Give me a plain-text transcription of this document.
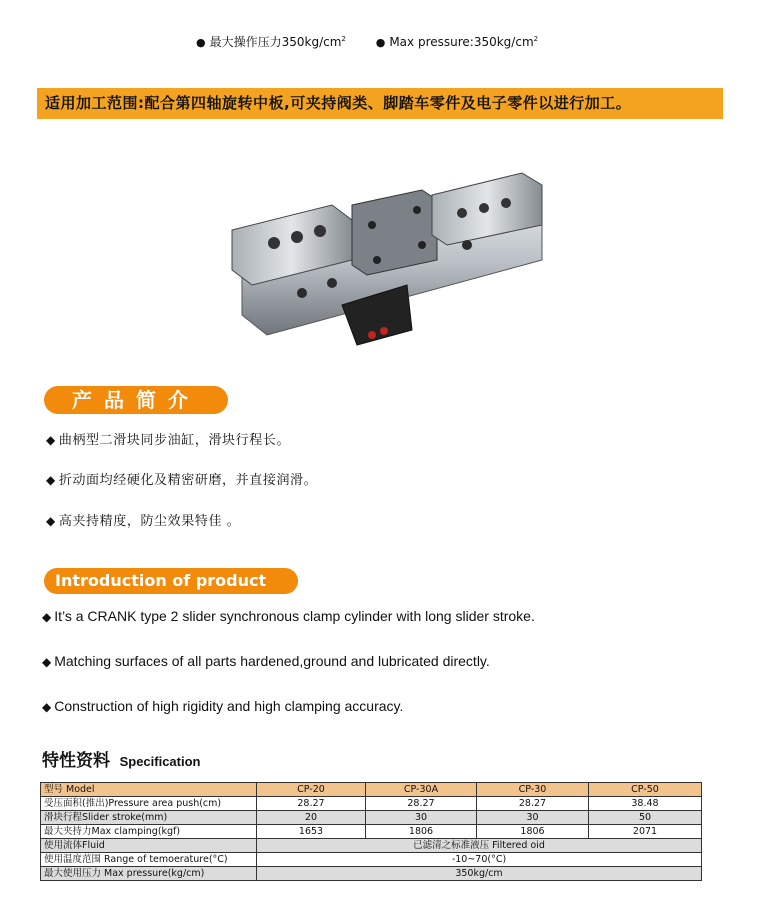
● 最大操作压力$350kg/cm^2$	● Max $pressure:350kg/cm^2$
适用加工范围:配合第四轴旋转中板,可夹持阀类、脚踏车零件及电子零件以进行加工。
产品简介
◆ 曲柄型二滑块同步油缸，滑块行程长。
◆ 折动面均经硬化及精密研磨，并直接润滑。
◆ 高夹持精度，防尘效果特佳 。
Introduction of product
◆ It’s a CRANK type 2 slider synchronous clamp cylinder with long slider stroke.
◆ Matching surfaces of all parts hardened,ground and lubricated directly.
◆ Construction of high rigidity and high clamping accuracy.
特性资料 Specification
型号 Model	CP-20	CP-30A	CP-30	CP-50
受压面积(推出)Pressure area push(cm)	28.27	28.27	28.27	38.48
滑块行程Slider stroke(mm)	20	30	30	50
最大夹持力Max clamping(kgf)	1653	1806	1806	2071
使用流体Fluid	已滤清之标准液压 Filtered oid			
使用温度范围 Range of temoerature(°C)	-10~70(°C)			
最大使用压力 Max pressure(kg/cm)	350kg/cm			
